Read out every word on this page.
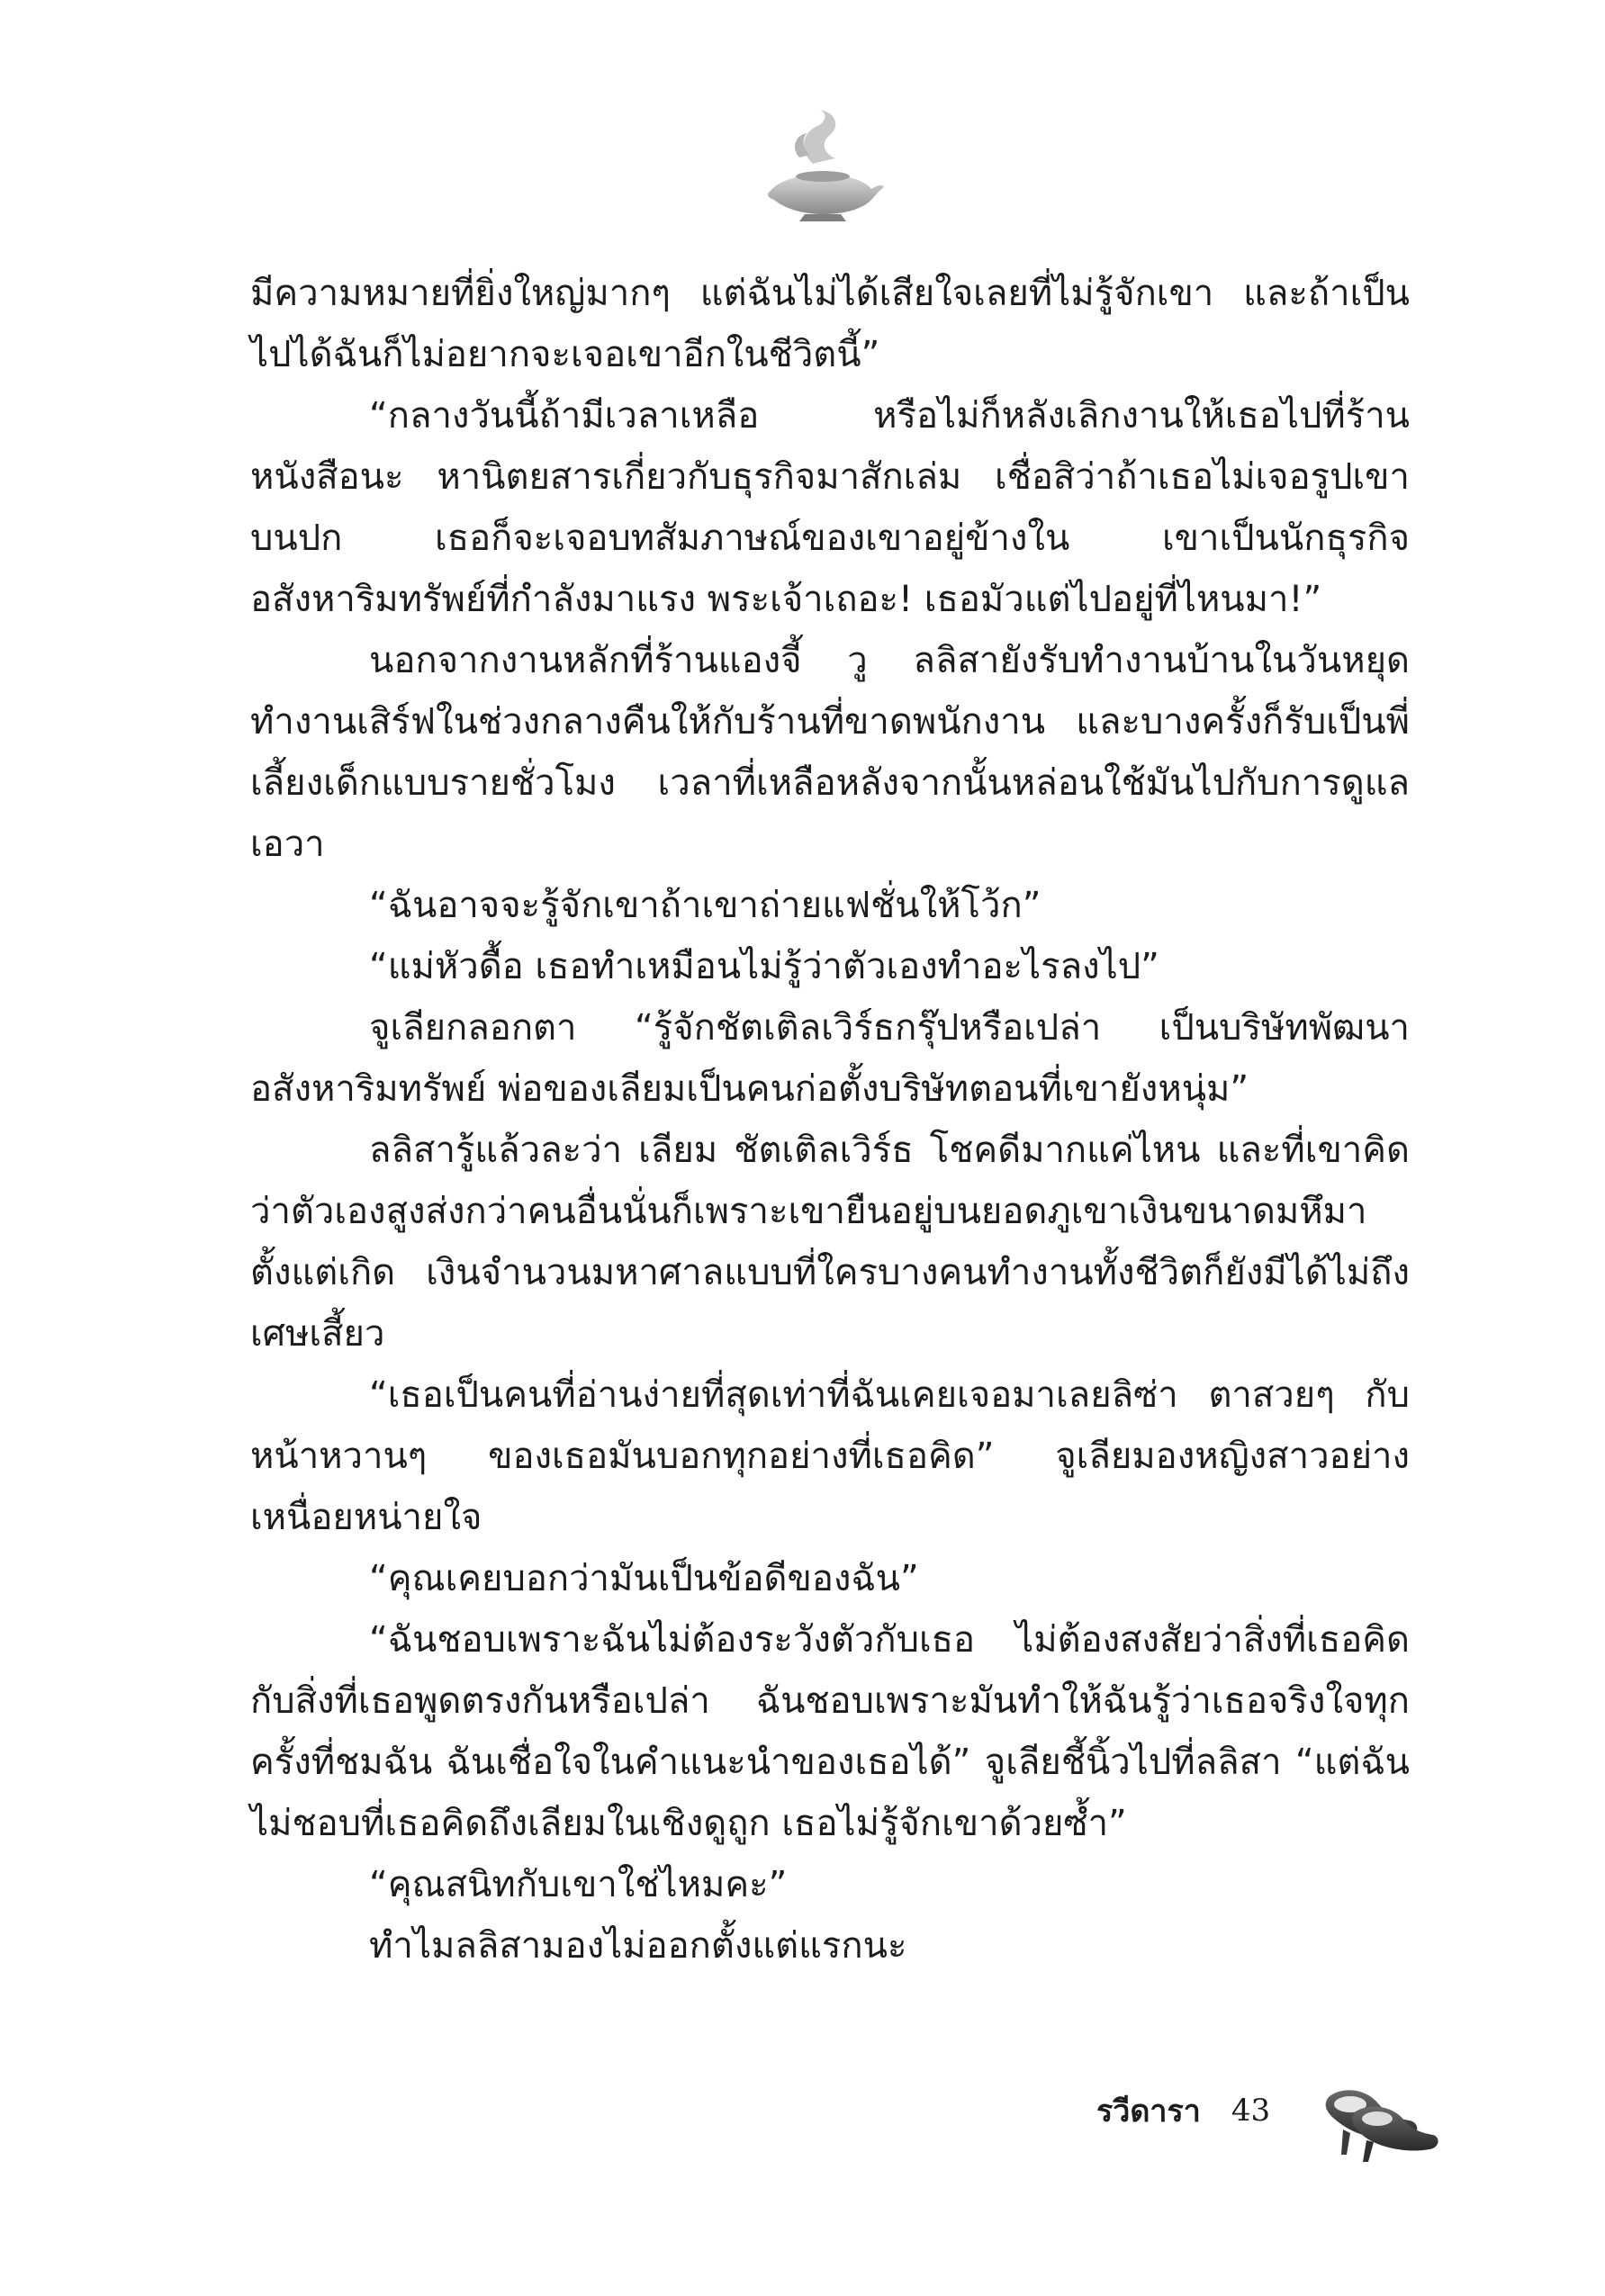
มีความหมายที่ยิ่งใหญ่มากๆ แต่ฉันไม่ได้เสียใจเลยที่ไม่รู้จักเขา และถ้าเป็นไปได้ฉันก็ไม่อยากจะเจอเขาอีกในชีวิตนี้”

“กลางวันนี้ถ้ามีเวลาเหลือ หรือไม่ก็หลังเลิกงานให้เธอไปที่ร้านหนังสือนะ หานิตยสารเกี่ยวกับธุรกิจมาสักเล่ม เชื่อสิว่าถ้าเธอไม่เจอรูปเขาบนปก เธอก็จะเจอบทสัมภาษณ์ของเขาอยู่ข้างใน เขาเป็นนักธุรกิจอสังหาริมทรัพย์ที่กำลังมาแรง พระเจ้าเถอะ! เธอมัวแต่ไปอยู่ที่ไหนมา!”

นอกจากงานหลักที่ร้านแองจี้ วู ลลิสายังรับทำงานบ้านในวันหยุด ทำงานเสิร์ฟในช่วงกลางคืนให้กับร้านที่ขาดพนักงาน และบางครั้งก็รับเป็นพี่เลี้ยงเด็กแบบรายชั่วโมง เวลาที่เหลือหลังจากนั้นหล่อนใช้มันไปกับการดูแลเอวา

“ฉันอาจจะรู้จักเขาถ้าเขาถ่ายแฟชั่นให้โว้ก”

“แม่หัวดื้อ เธอทำเหมือนไม่รู้ว่าตัวเองทำอะไรลงไป”

จูเลียกลอกตา “รู้จักชัตเติลเวิร์ธกรุ๊ปหรือเปล่า เป็นบริษัทพัฒนาอสังหาริมทรัพย์ พ่อของเลียมเป็นคนก่อตั้งบริษัทตอนที่เขายังหนุ่ม”

ลลิสารู้แล้วละว่า เลียม ชัตเติลเวิร์ธ โชคดีมากแค่ไหน และที่เขาคิดว่าตัวเองสูงส่งกว่าคนอื่นนั่นก็เพราะเขายืนอยู่บนยอดภูเขาเงินขนาดมหึมาตั้งแต่เกิด เงินจำนวนมหาศาลแบบที่ใครบางคนทำงานทั้งชีวิตก็ยังมีได้ไม่ถึงเศษเสี้ยว

“เธอเป็นคนที่อ่านง่ายที่สุดเท่าที่ฉันเคยเจอมาเลยลิซ่า ตาสวยๆ กับหน้าหวานๆ ของเธอมันบอกทุกอย่างที่เธอคิด” จูเลียมองหญิงสาวอย่างเหนื่อยหน่ายใจ

“คุณเคยบอกว่ามันเป็นข้อดีของฉัน”

“ฉันชอบเพราะฉันไม่ต้องระวังตัวกับเธอ ไม่ต้องสงสัยว่าสิ่งที่เธอคิดกับสิ่งที่เธอพูดตรงกันหรือเปล่า ฉันชอบเพราะมันทำให้ฉันรู้ว่าเธอจริงใจทุกครั้งที่ชมฉัน ฉันเชื่อใจในคำแนะนำของเธอได้” จูเลียชี้นิ้วไปที่ลลิสา “แต่ฉันไม่ชอบที่เธอคิดถึงเลียมในเชิงดูถูก เธอไม่รู้จักเขาด้วยซ้ำ”

“คุณสนิทกับเขาใช่ไหมคะ”

ทำไมลลิสามองไม่ออกตั้งแต่แรกนะ

รวีดารา 43
